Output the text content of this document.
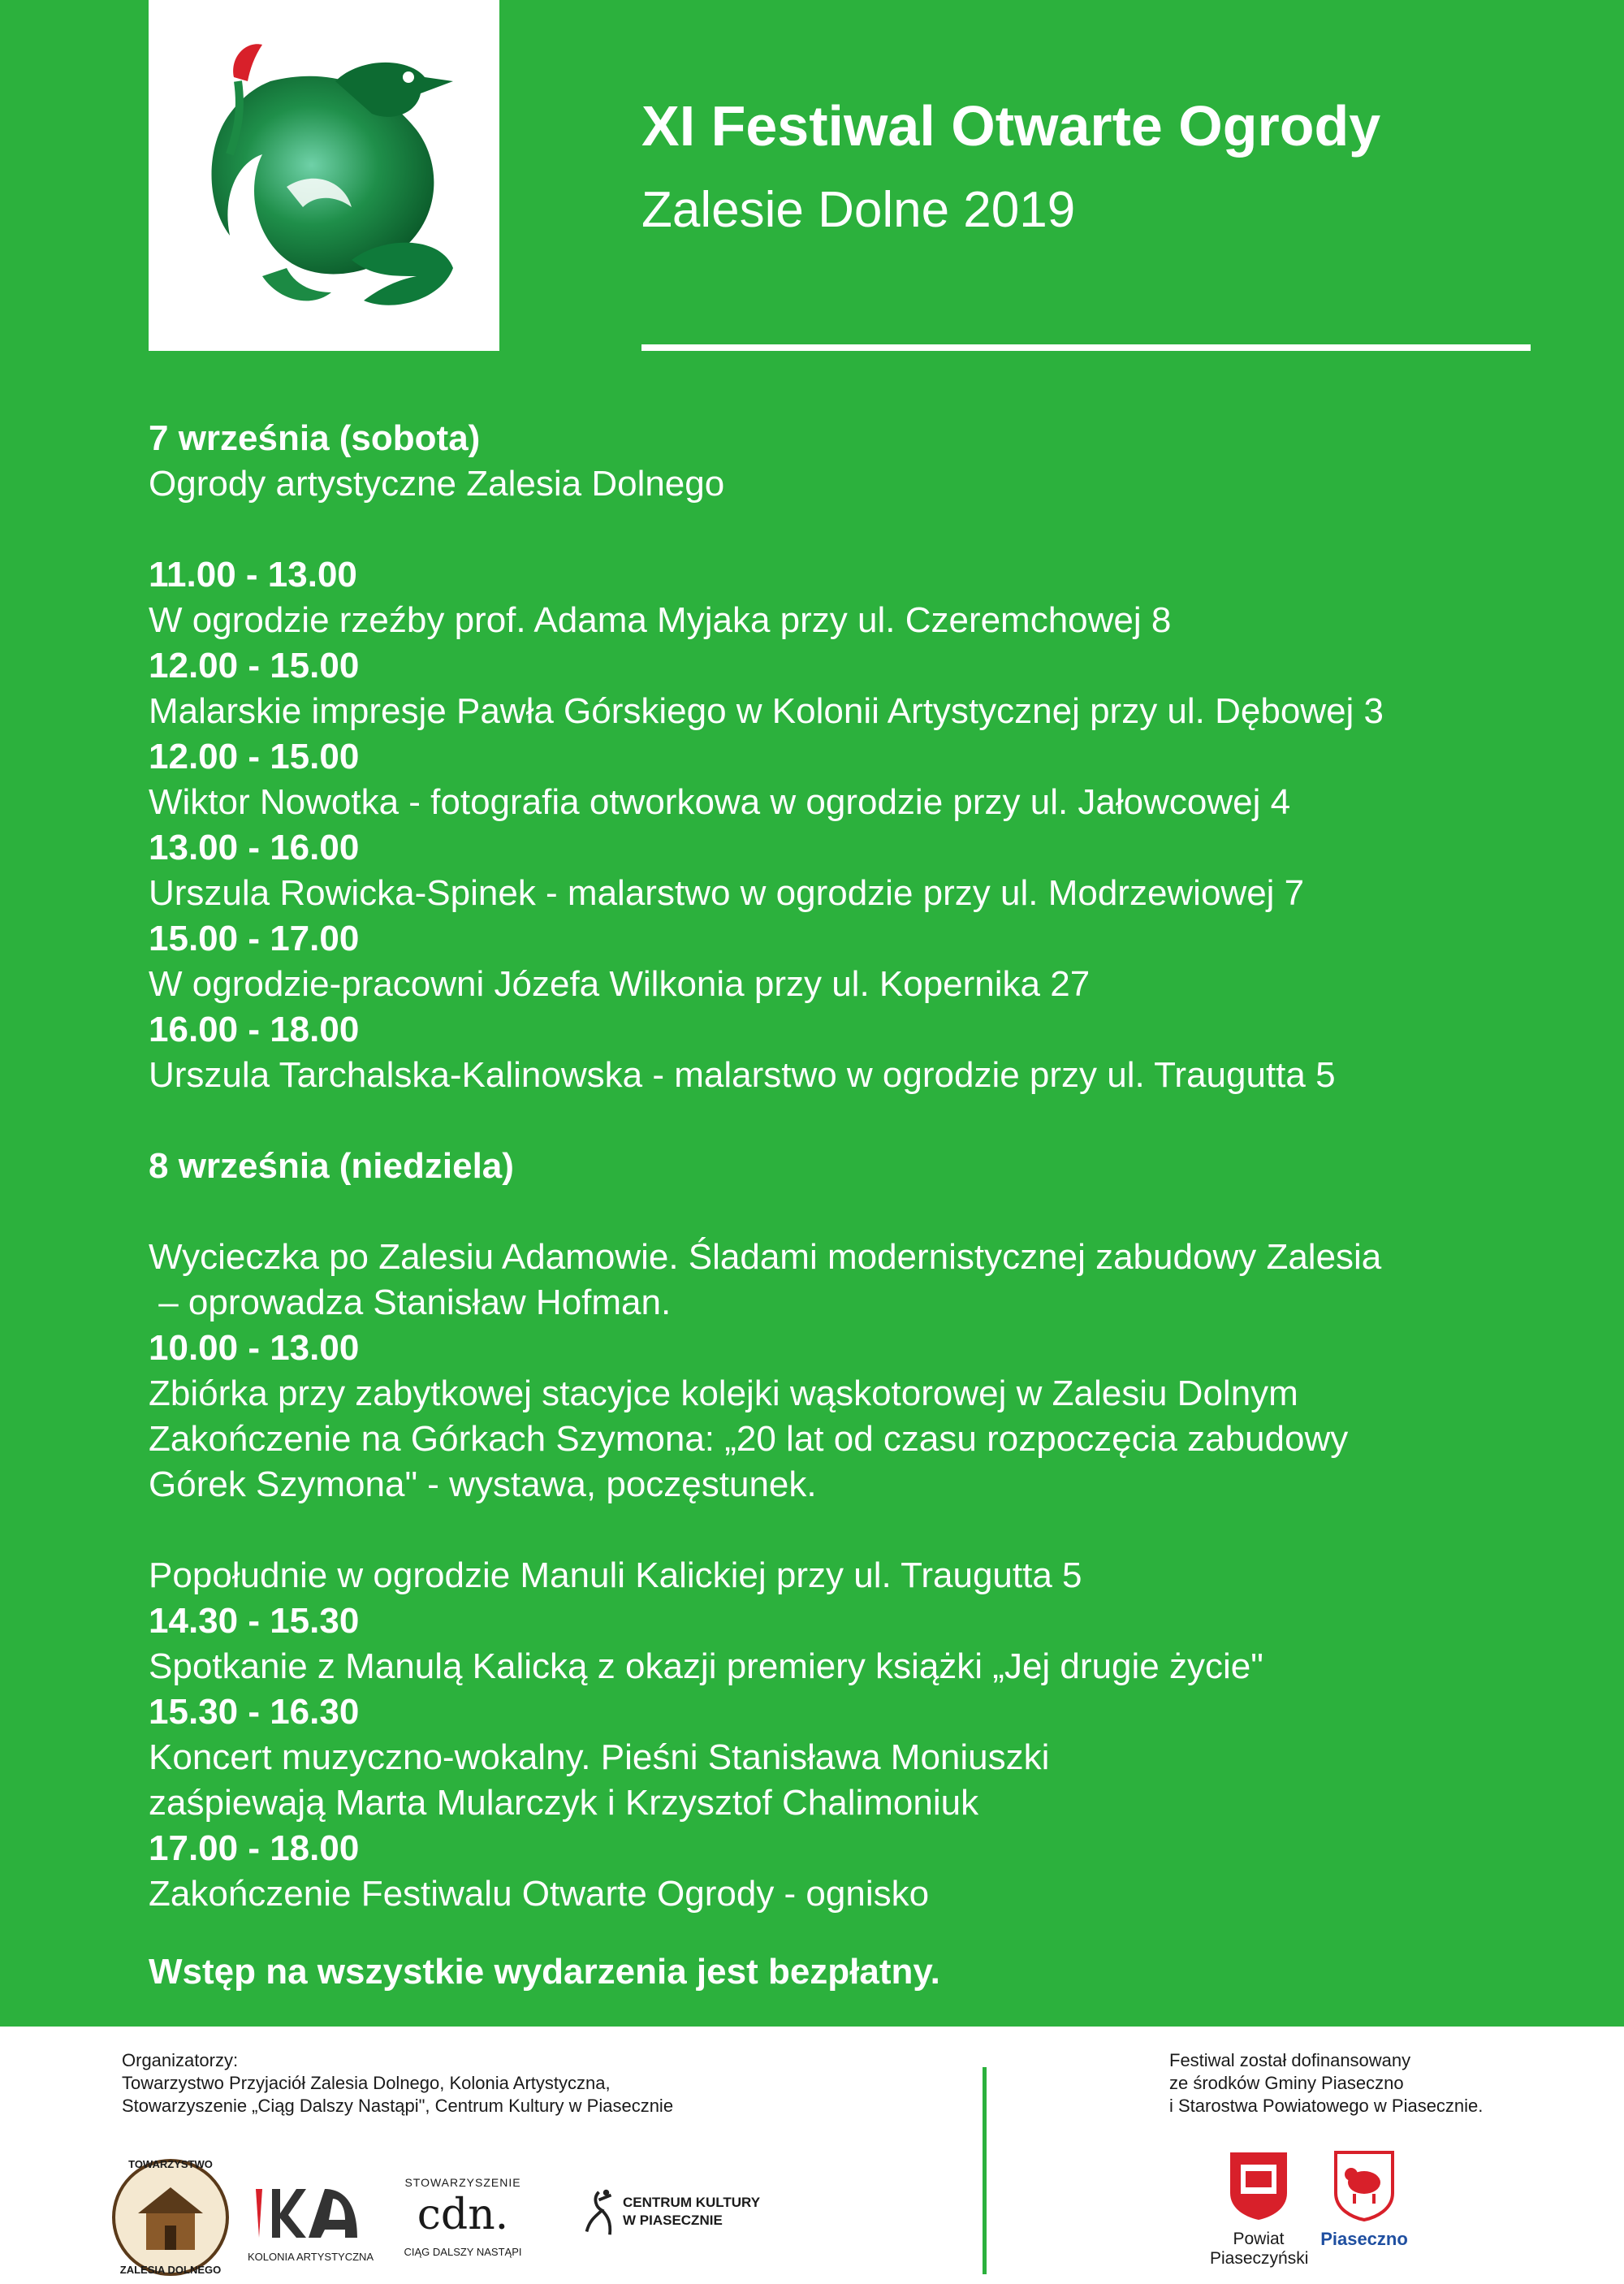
XI Festiwal Otwarte Ogrody
Zalesie Dolne 2019
7 września (sobota)
Ogrody artystyczne Zalesia Dolnego
11.00 - 13.00
W ogrodzie rzeźby prof. Adama Myjaka przy ul. Czeremchowej 8
12.00 - 15.00
Malarskie impresje Pawła Górskiego w Kolonii Artystycznej przy ul. Dębowej 3
12.00 - 15.00
Wiktor Nowotka - fotografia otworkowa w ogrodzie przy ul. Jałowcowej 4
13.00 - 16.00
Urszula Rowicka-Spinek - malarstwo w ogrodzie przy ul. Modrzewiowej 7
15.00 - 17.00
W ogrodzie-pracowni Józefa Wilkonia przy ul. Kopernika 27
16.00 - 18.00
Urszula Tarchalska-Kalinowska - malarstwo w ogrodzie przy ul. Traugutta 5
8 września (niedziela)
Wycieczka po Zalesiu Adamowie. Śladami modernistycznej zabudowy Zalesia
– oprowadza Stanisław Hofman.
10.00 - 13.00
Zbiórka przy zabytkowej stacyjce kolejki wąskotorowej w Zalesiu Dolnym
Zakończenie na Górkach Szymona: „20 lat od czasu rozpoczęcia zabudowy
Górek Szymona" - wystawa, poczęstunek.
Popołudnie w ogrodzie Manuli Kalickiej przy ul. Traugutta 5
14.30 - 15.30
Spotkanie z Manulą Kalicką z okazji premiery książki „Jej drugie życie"
15.30 - 16.30
Koncert muzyczno-wokalny. Pieśni Stanisława Moniuszki
zaśpiewają Marta Mularczyk i Krzysztof Chalimoniuk
17.00 - 18.00
Zakończenie Festiwalu Otwarte Ogrody - ognisko
Wstęp na wszystkie wydarzenia jest bezpłatny.
Organizatorzy:
Towarzystwo Przyjaciół Zalesia Dolnego, Kolonia Artystyczna,
Stowarzyszenie „Ciąg Dalszy Nastąpi", Centrum Kultury w Piasecznie
Festiwal został dofinansowany
ze środków Gminy Piaseczno
i Starostwa Powiatowego w Piasecznie.
TOWARZYSTWO
ZALESIA DOLNEGO
KOLONIA ARTYSTYCZNA
STOWARZYSZENIE
cdn.
CIĄG DALSZY NASTĄPI
CENTRUM KULTURY
W PIASECZNIE
Powiat
Piaseczyński
Piaseczno
